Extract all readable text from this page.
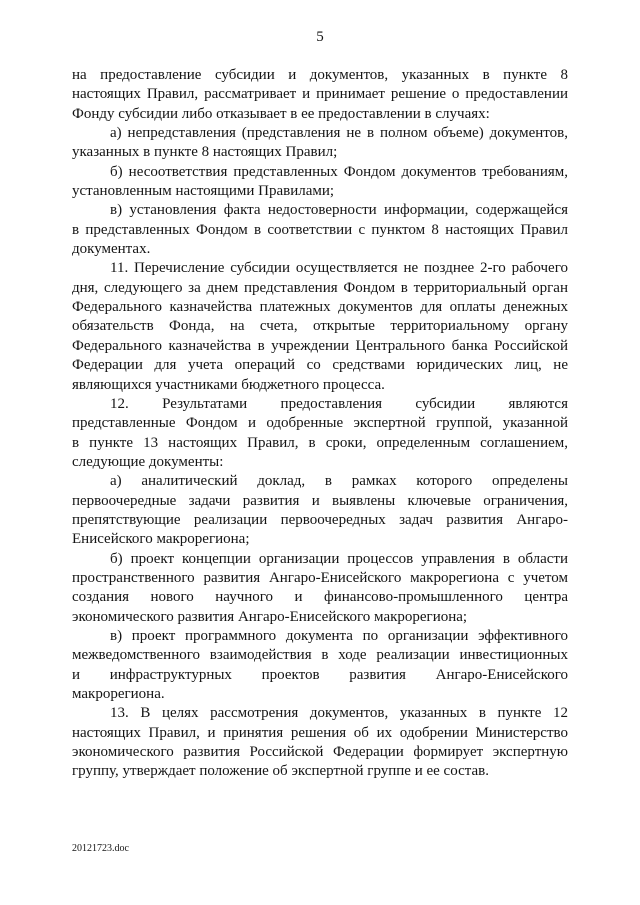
5
на предоставление субсидии и документов, указанных в пункте 8
настоящих Правил, рассматривает и принимает решение о предоставлении
Фонду субсидии либо отказывает в ее предоставлении в случаях:
а) непредставления (представления не в полном объеме) документов,
указанных в пункте 8 настоящих Правил;
б) несоответствия представленных Фондом документов требованиям,
установленным настоящими Правилами;
в) установления факта недостоверности информации, содержащейся
в представленных Фондом в соответствии с пунктом 8 настоящих Правил
документах.
11. Перечисление субсидии осуществляется не позднее 2-го рабочего
дня, следующего за днем представления Фондом в территориальный орган
Федерального казначейства платежных документов для оплаты денежных
обязательств Фонда, на счета, открытые территориальному органу
Федерального казначейства в учреждении Центрального банка Российской
Федерации для учета операций со средствами юридических лиц, не
являющихся участниками бюджетного процесса.
12. Результатами предоставления субсидии являются
представленные Фондом и одобренные экспертной группой, указанной
в пункте 13 настоящих Правил, в сроки, определенным соглашением,
следующие документы:
а) аналитический доклад, в рамках которого определены
первоочередные задачи развития и выявлены ключевые ограничения,
препятствующие реализации первоочередных задач развития Ангаро-
Енисейского макрорегиона;
б) проект концепции организации процессов управления в области
пространственного развития Ангаро-Енисейского макрорегиона с учетом
создания нового научного и финансово-промышленного центра
экономического развития Ангаро-Енисейского макрорегиона;
в) проект программного документа по организации эффективного
межведомственного взаимодействия в ходе реализации инвестиционных
и инфраструктурных проектов развития Ангаро-Енисейского
макрорегиона.
13. В целях рассмотрения документов, указанных в пункте 12
настоящих Правил, и принятия решения об их одобрении Министерство
экономического развития Российской Федерации формирует экспертную
группу, утверждает положение об экспертной группе и ее состав.
20121723.doc
